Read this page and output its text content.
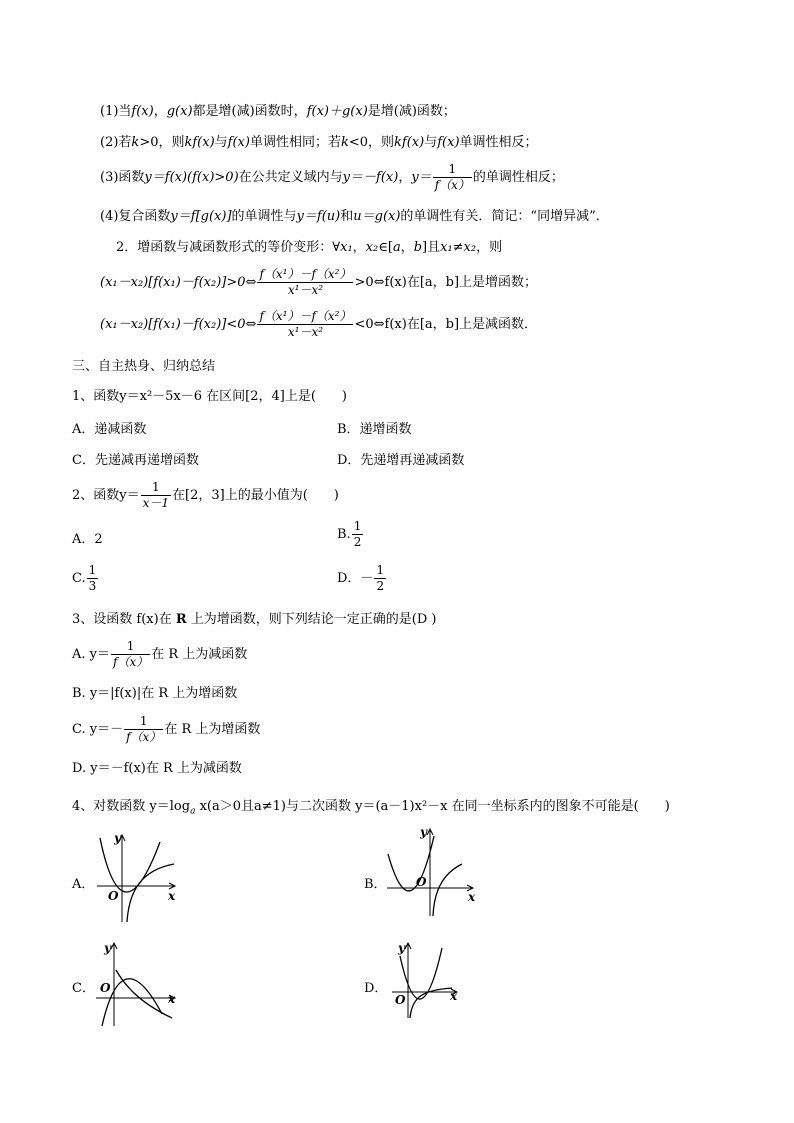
(1)当f(x)，g(x)都是增(减)函数时，f(x)＋g(x)是增(减)函数；
(2)若k>0，则kf(x)与f(x)单调性相同；若k<0，则kf(x)与f(x)单调性相反；
(3)函数y＝f(x)(f(x)>0)在公共定义域内与y＝－f(x)，$y= \frac{1}{f(x)}$ 的单调性相反；
(4)复合函数y＝f[g(x)]的单调性与y＝f(u)和u＝g(x)的单调性有关．简记：“同增异减”．
2．增函数与减函数形式的等价变形：∀x₁，x₂∈[a，b]且x₁≠x₂，则
(x₁－x₂)[f(x₁)－f(x₂)]>0⇔ $\frac{\text{f（x¹）－f（x²）}}{\text{x¹－x²}}$ >0⇔f(x)在[a，b]上是增函数；
(x₁－x₂)[f(x₁)－f(x₂)]<0⇔ $\frac{\text{f（x¹）－f（x²）}}{\text{x¹－x²}}$ <0⇔f(x)在[a，b]上是减函数．
三、自主热身、归纳总结
1、函数y＝x²－5x－6 在区间[2，4]上是(　　)
A．递减函数	B．递增函数
C．先递减再递增函数	D．先递增再递减函数
2、函数$y= \frac{1}{x-1}$ 在[2，3]上的最小值为(　　)
A．2	B. $\frac{1}{2}$
C. $\frac{1}{3}$	D．－ $\frac{1}{2}$
3、设函数 f(x)在 R 上为增函数，则下列结论一定正确的是(D )
A. $y= \frac{1}{f(x)}$ 在 R 上为减函数
B. y＝|f(x)|在 R 上为增函数
C. $y=- \frac{1}{f(x)}$ 在 R 上为增函数
D. y＝－f(x)在 R 上为减函数
4、对数函数 $y=\log_a$ x(a＞0且a≠1)与二次函数 y＝(a－1)x²－x 在同一坐标系内的图象不可能是(　　)
A．
y
x
O
B．
y
x
O
C．
y
x
O	D．
y
x
O
